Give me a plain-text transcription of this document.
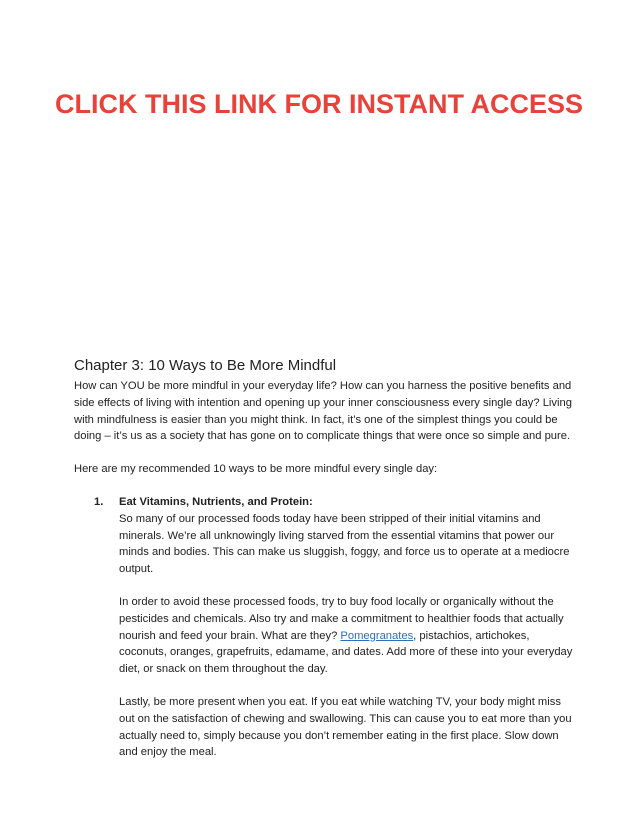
CLICK THIS LINK FOR INSTANT ACCESS
Chapter 3: 10 Ways to Be More Mindful

How can YOU be more mindful in your everyday life? How can you harness the positive benefits and side effects of living with intention and opening up your inner consciousness every single day? Living with mindfulness is easier than you might think. In fact, it’s one of the simplest things you could be doing – it’s us as a society that has gone on to complicate things that were once so simple and pure.

Here are my recommended 10 ways to be more mindful every single day:

1. Eat Vitamins, Nutrients, and Protein:

So many of our processed foods today have been stripped of their initial vitamins and minerals. We’re all unknowingly living starved from the essential vitamins that power our minds and bodies. This can make us sluggish, foggy, and force us to operate at a mediocre output.

In order to avoid these processed foods, try to buy food locally or organically without the pesticides and chemicals. Also try and make a commitment to healthier foods that actually nourish and feed your brain. What are they? Pomegranates, pistachios, artichokes, coconuts, oranges, grapefruits, edamame, and dates. Add more of these into your everyday diet, or snack on them throughout the day.

Lastly, be more present when you eat. If you eat while watching TV, your body might miss out on the satisfaction of chewing and swallowing. This can cause you to eat more than you actually need to, simply because you don’t remember eating in the first place. Slow down and enjoy the meal.
